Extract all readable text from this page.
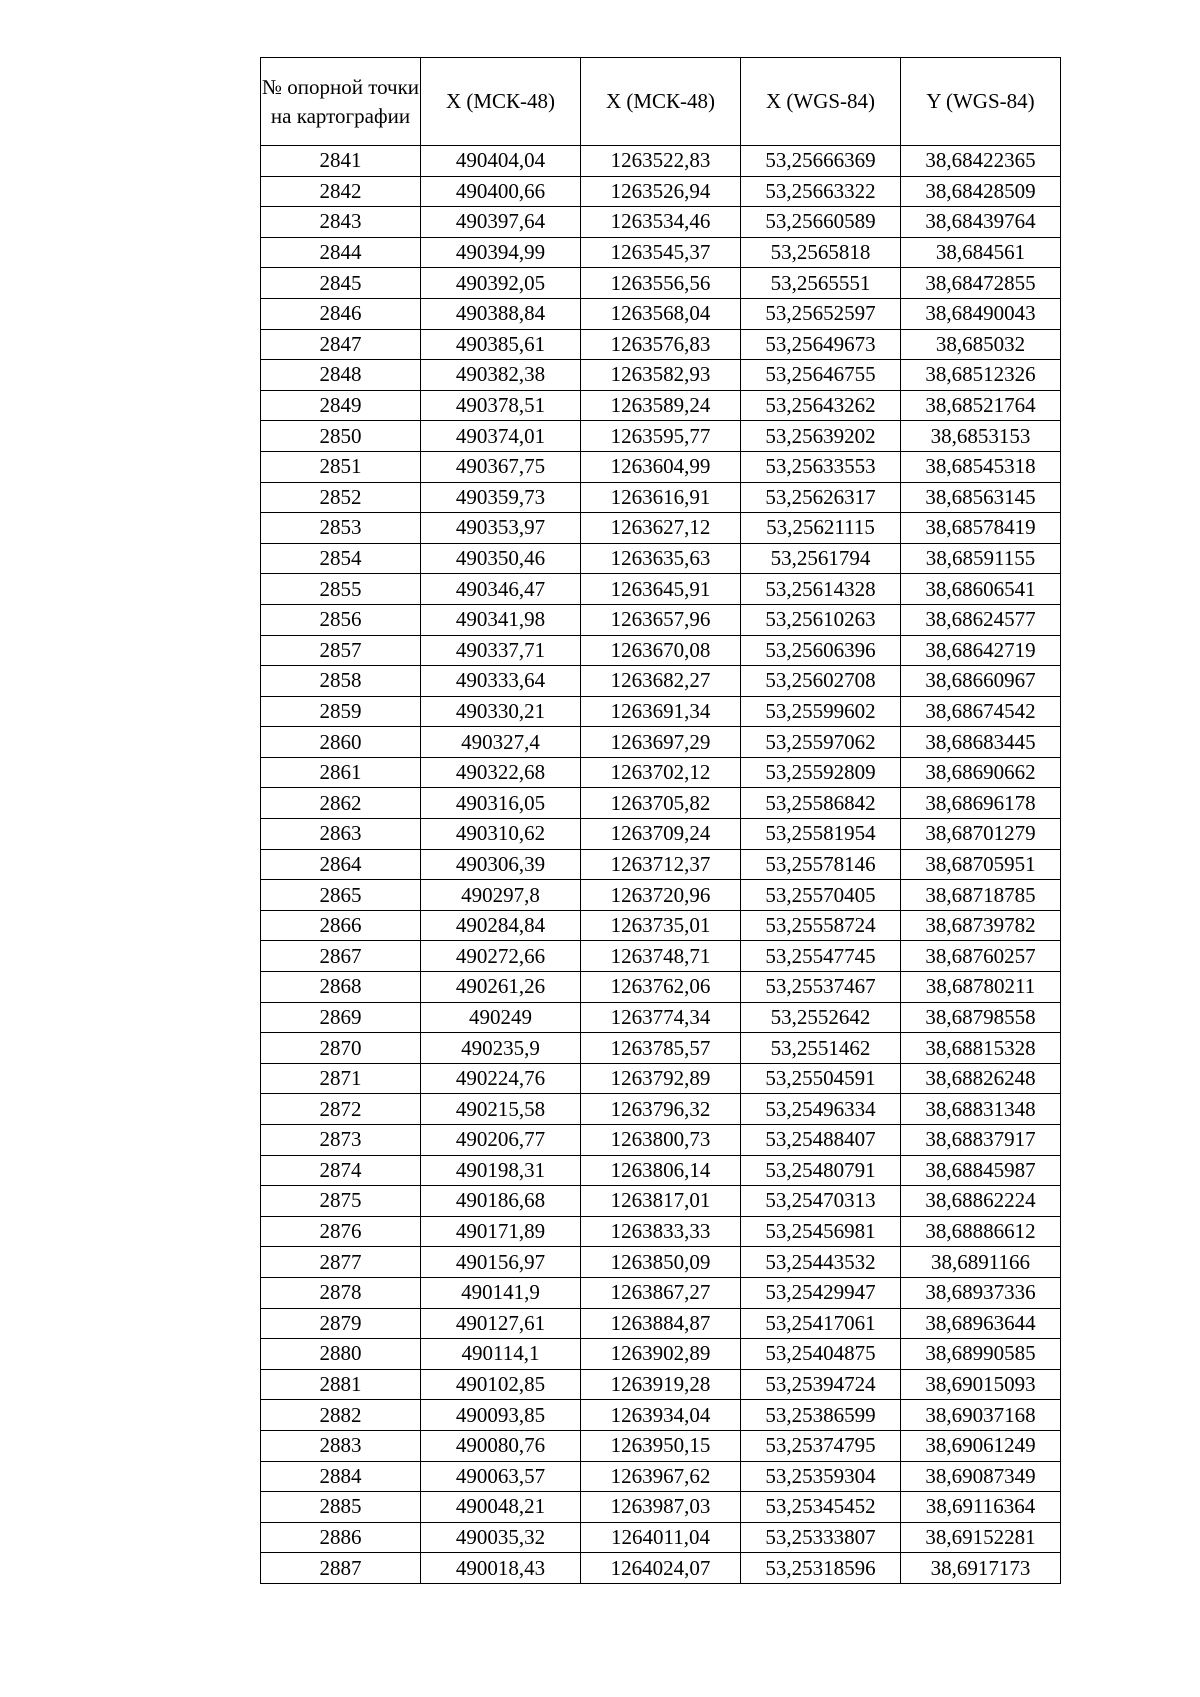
№ опорной точки на картографии	X (МСК-48)	X (МСК-48)	X (WGS-84)	Y (WGS-84)
2841	490404,04	1263522,83	53,25666369	38,68422365
2842	490400,66	1263526,94	53,25663322	38,68428509
2843	490397,64	1263534,46	53,25660589	38,68439764
2844	490394,99	1263545,37	53,2565818	38,684561
2845	490392,05	1263556,56	53,2565551	38,68472855
2846	490388,84	1263568,04	53,25652597	38,68490043
2847	490385,61	1263576,83	53,25649673	38,685032
2848	490382,38	1263582,93	53,25646755	38,68512326
2849	490378,51	1263589,24	53,25643262	38,68521764
2850	490374,01	1263595,77	53,25639202	38,6853153
2851	490367,75	1263604,99	53,25633553	38,68545318
2852	490359,73	1263616,91	53,25626317	38,68563145
2853	490353,97	1263627,12	53,25621115	38,68578419
2854	490350,46	1263635,63	53,2561794	38,68591155
2855	490346,47	1263645,91	53,25614328	38,68606541
2856	490341,98	1263657,96	53,25610263	38,68624577
2857	490337,71	1263670,08	53,25606396	38,68642719
2858	490333,64	1263682,27	53,25602708	38,68660967
2859	490330,21	1263691,34	53,25599602	38,68674542
2860	490327,4	1263697,29	53,25597062	38,68683445
2861	490322,68	1263702,12	53,25592809	38,68690662
2862	490316,05	1263705,82	53,25586842	38,68696178
2863	490310,62	1263709,24	53,25581954	38,68701279
2864	490306,39	1263712,37	53,25578146	38,68705951
2865	490297,8	1263720,96	53,25570405	38,68718785
2866	490284,84	1263735,01	53,25558724	38,68739782
2867	490272,66	1263748,71	53,25547745	38,68760257
2868	490261,26	1263762,06	53,25537467	38,68780211
2869	490249	1263774,34	53,2552642	38,68798558
2870	490235,9	1263785,57	53,2551462	38,68815328
2871	490224,76	1263792,89	53,25504591	38,68826248
2872	490215,58	1263796,32	53,25496334	38,68831348
2873	490206,77	1263800,73	53,25488407	38,68837917
2874	490198,31	1263806,14	53,25480791	38,68845987
2875	490186,68	1263817,01	53,25470313	38,68862224
2876	490171,89	1263833,33	53,25456981	38,68886612
2877	490156,97	1263850,09	53,25443532	38,6891166
2878	490141,9	1263867,27	53,25429947	38,68937336
2879	490127,61	1263884,87	53,25417061	38,68963644
2880	490114,1	1263902,89	53,25404875	38,68990585
2881	490102,85	1263919,28	53,25394724	38,69015093
2882	490093,85	1263934,04	53,25386599	38,69037168
2883	490080,76	1263950,15	53,25374795	38,69061249
2884	490063,57	1263967,62	53,25359304	38,69087349
2885	490048,21	1263987,03	53,25345452	38,69116364
2886	490035,32	1264011,04	53,25333807	38,69152281
2887	490018,43	1264024,07	53,25318596	38,6917173
